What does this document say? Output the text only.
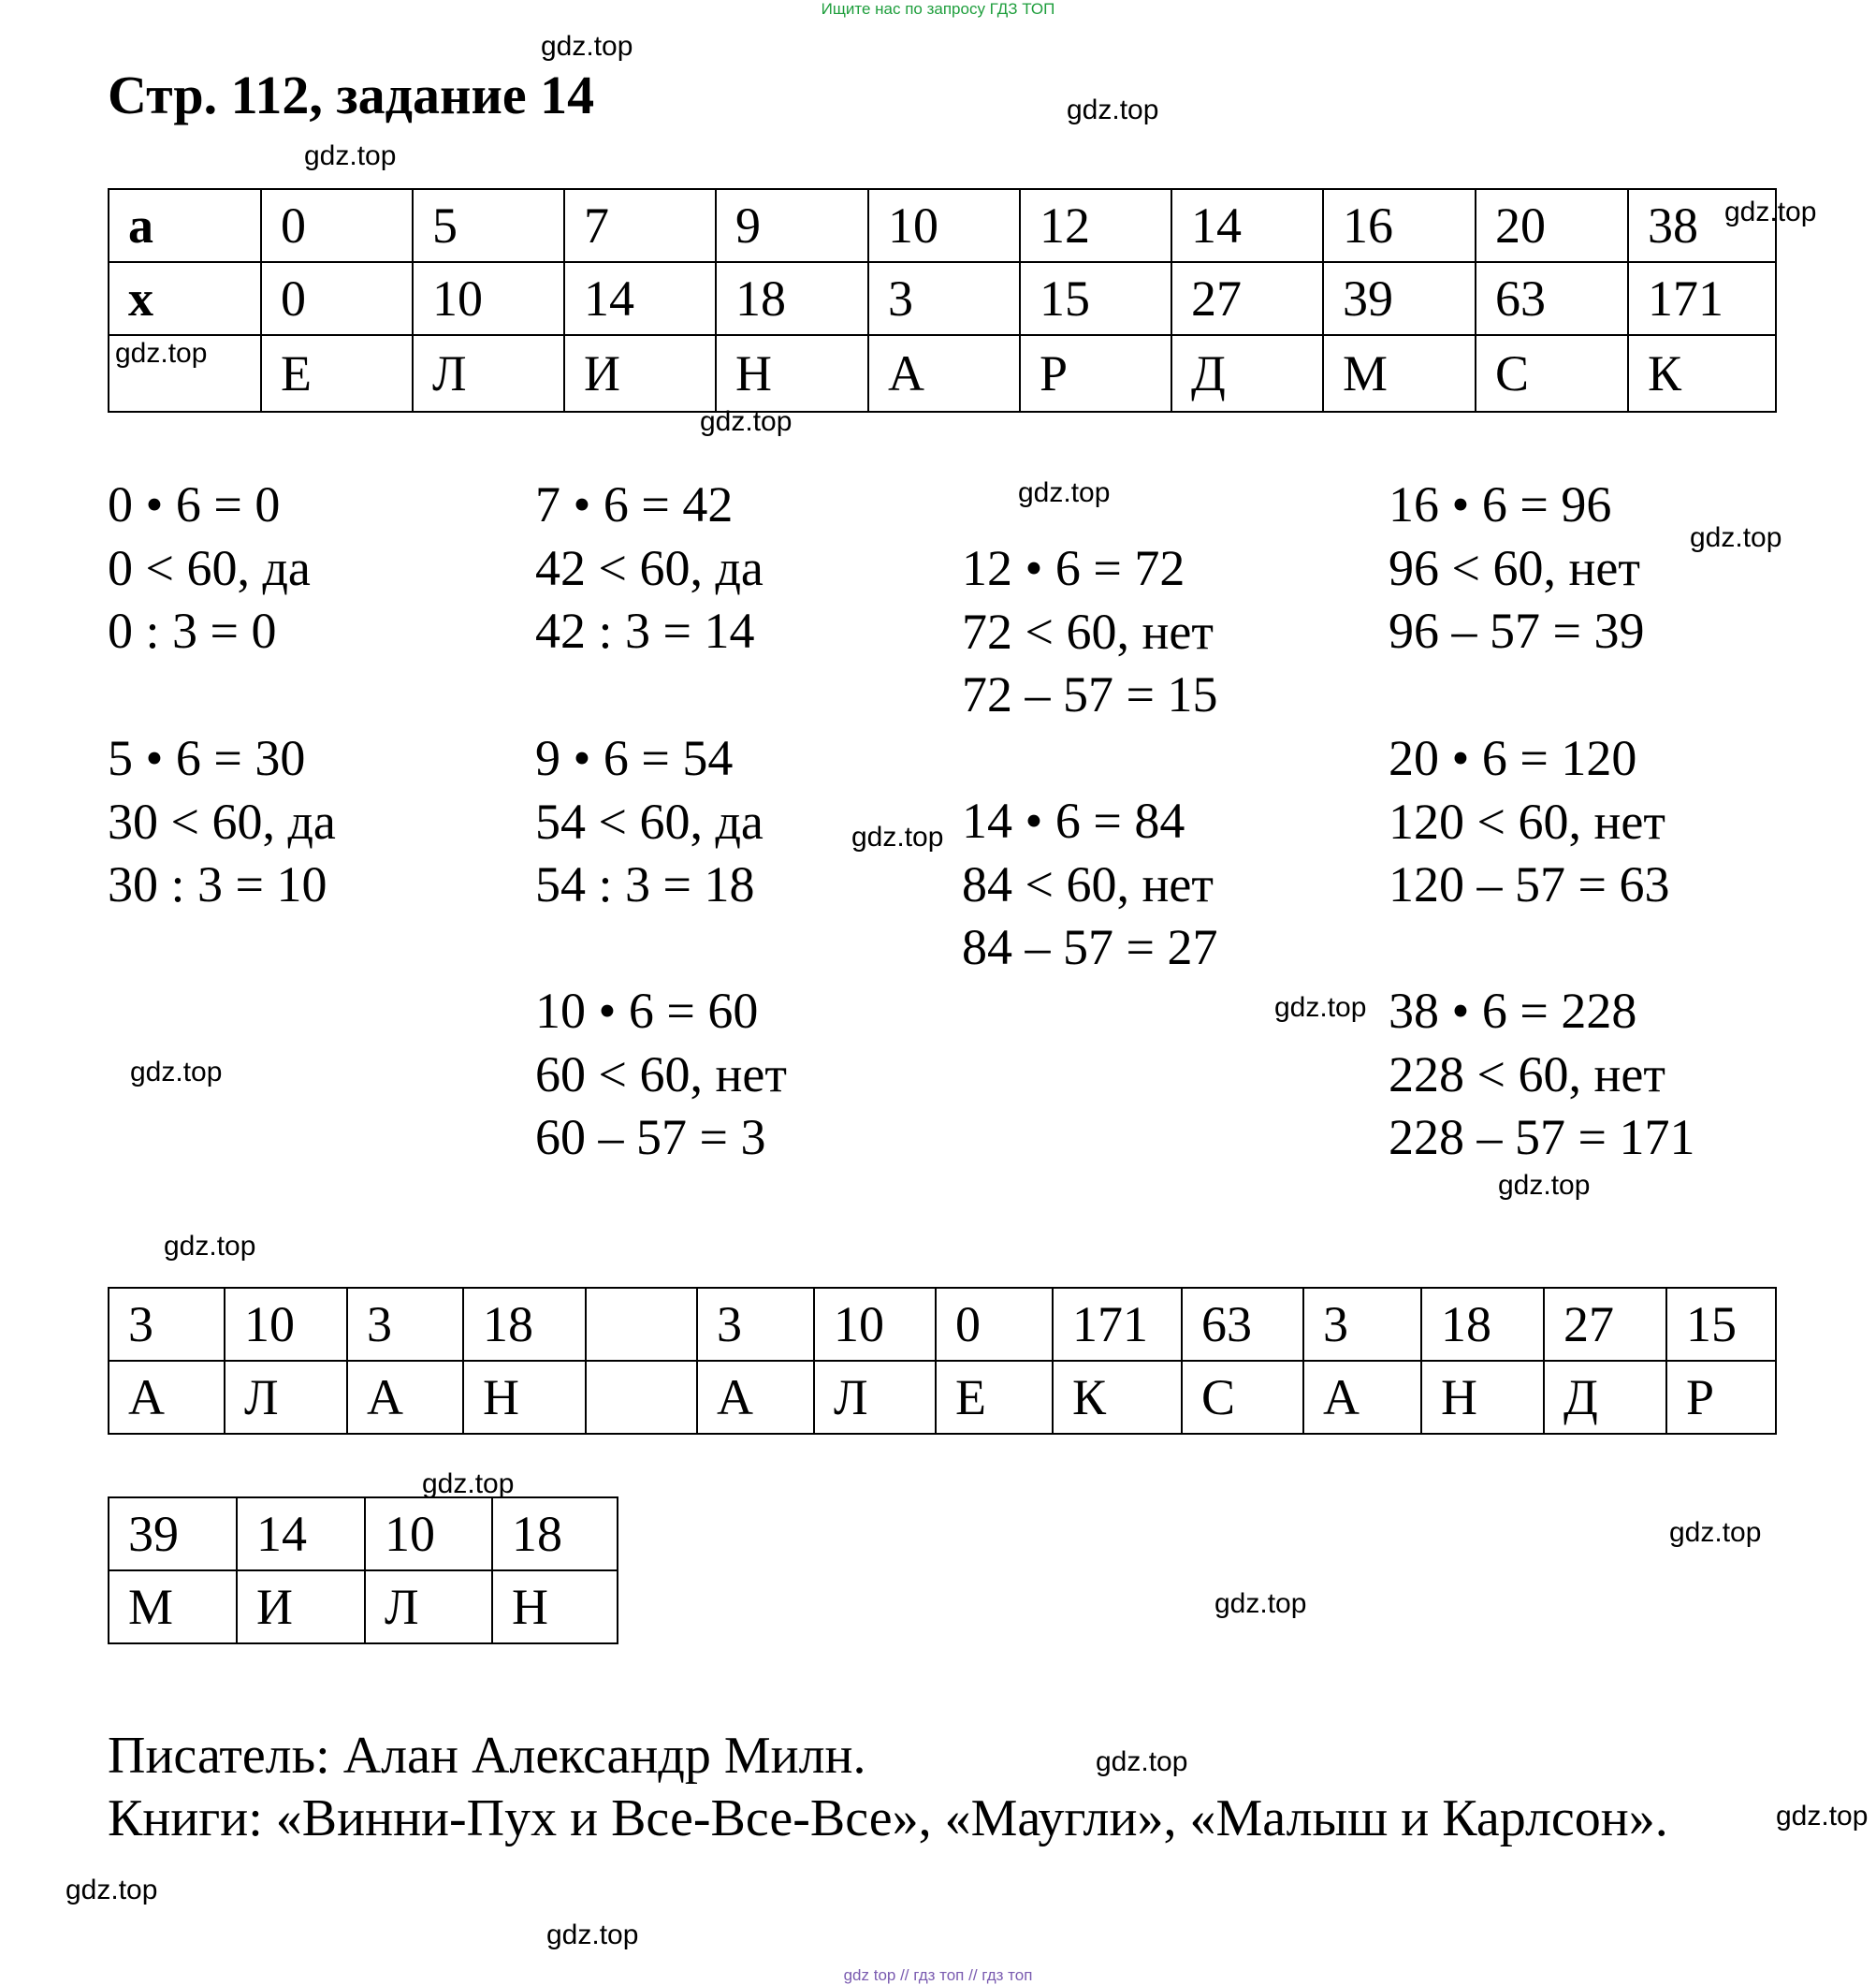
Ищите нас по запросу ГДЗ ТОП
Стр. 112, задание 14
a	0	5	7	9	10	12	14	16	20	38
x	0	10	14	18	3	15	27	39	63	171
gdz.top	Е	Л	И	Н	А	Р	Д	М	С	К
0 • 6 = 0
0 < 60, да
0 : 3 = 0
5 • 6 = 30
30 < 60, да
30 : 3 = 10
7 • 6 = 42
42 < 60, да
42 : 3 = 14
9 • 6 = 54
54 < 60, да
54 : 3 = 18
10 • 6 = 60
60 < 60, нет
60 – 57 = 3
12 • 6 = 72
72 < 60, нет
72 – 57 = 15
14 • 6 = 84
84 < 60, нет
84 – 57 = 27
16 • 6 = 96
96 < 60, нет
96 – 57 = 39
20 • 6 = 120
120 < 60, нет
120 – 57 = 63
38 • 6 = 228
228 < 60, нет
228 – 57 = 171
3	10	3	18		3	10	0	171	63	3	18	27	15
А	Л	А	Н		А	Л	Е	К	С	А	Н	Д	Р
39	14	10	18
М	И	Л	Н
Писатель: Алан Александр Милн.
Книги: «Винни-Пух и Все-Все-Все», «Маугли», «Малыш и Карлсон».
gdz.top
gdz.top
gdz.top
gdz.top
gdz.top
gdz.top
gdz.top
gdz.top
gdz.top
gdz.top
gdz.top
gdz.top
gdz.top
gdz.top
gdz.top
gdz.top
gdz.top
gdz.top
gdz.top
gdz top // гдз топ // гдз топ
